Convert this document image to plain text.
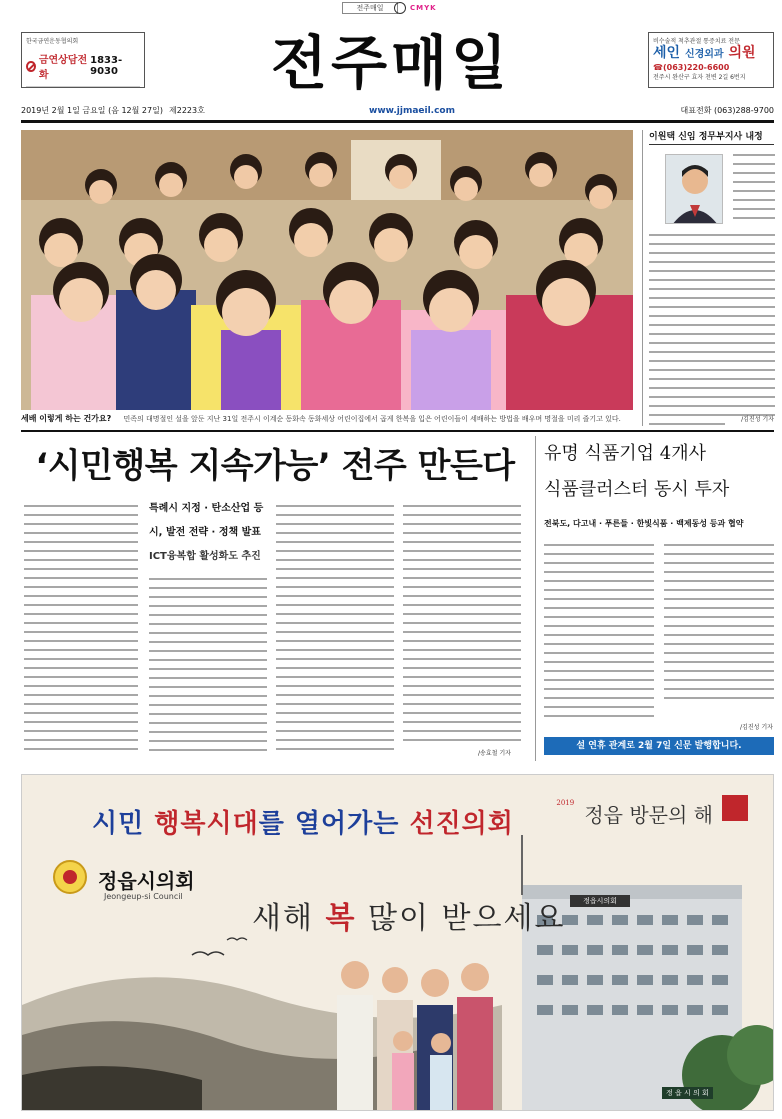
전주매일	CMYK
한국금연운동협의회
금연상담전화
1833-9030	전주매일	비수술적 척추관절 통증치료 전문
세인 신경외과 의원
☎(063)220-6600
전주시 완산구 효자 천변 2길 6번지
2019년 2월 1일 금요일 (음 12월 27일) 제2223호	www.jjmaeil.com	대표전화 (063)288-9700
세배 이렇게 하는 건가요? 민족의 대명절인 설을 앞둔 지난 31일 전주시 이계순 동화속 동화세상 어린이집에서 곱게 한복을 입은 어린이들이 세배하는 방법을 배우며 명절을 미리 즐기고 있다.
이원택 신임 정무부지사 내정
/김진성 기자
‘시민행복 지속가능’ 전주 만든다
특례시 지정 · 탄소산업 등
시, 발전 전략 · 정책 발표
ICT융복합 활성화도 추진
/송효철 기자
유명 식품기업 4개사
식품클러스터 동시 투자
전북도, 다고내 · 푸른들 · 한빛식품 · 백제동성 등과 협약
/김진성 기자
설 연휴 관계로 2월 7일 신문 발행합니다.
시민 행복시대를 열어가는 선진의회
2019 정읍 방문의 해
정읍시의회
Jeongeup-si Council
새해 복 많이 받으세요	정읍시의회
정 읍 시 의 회
